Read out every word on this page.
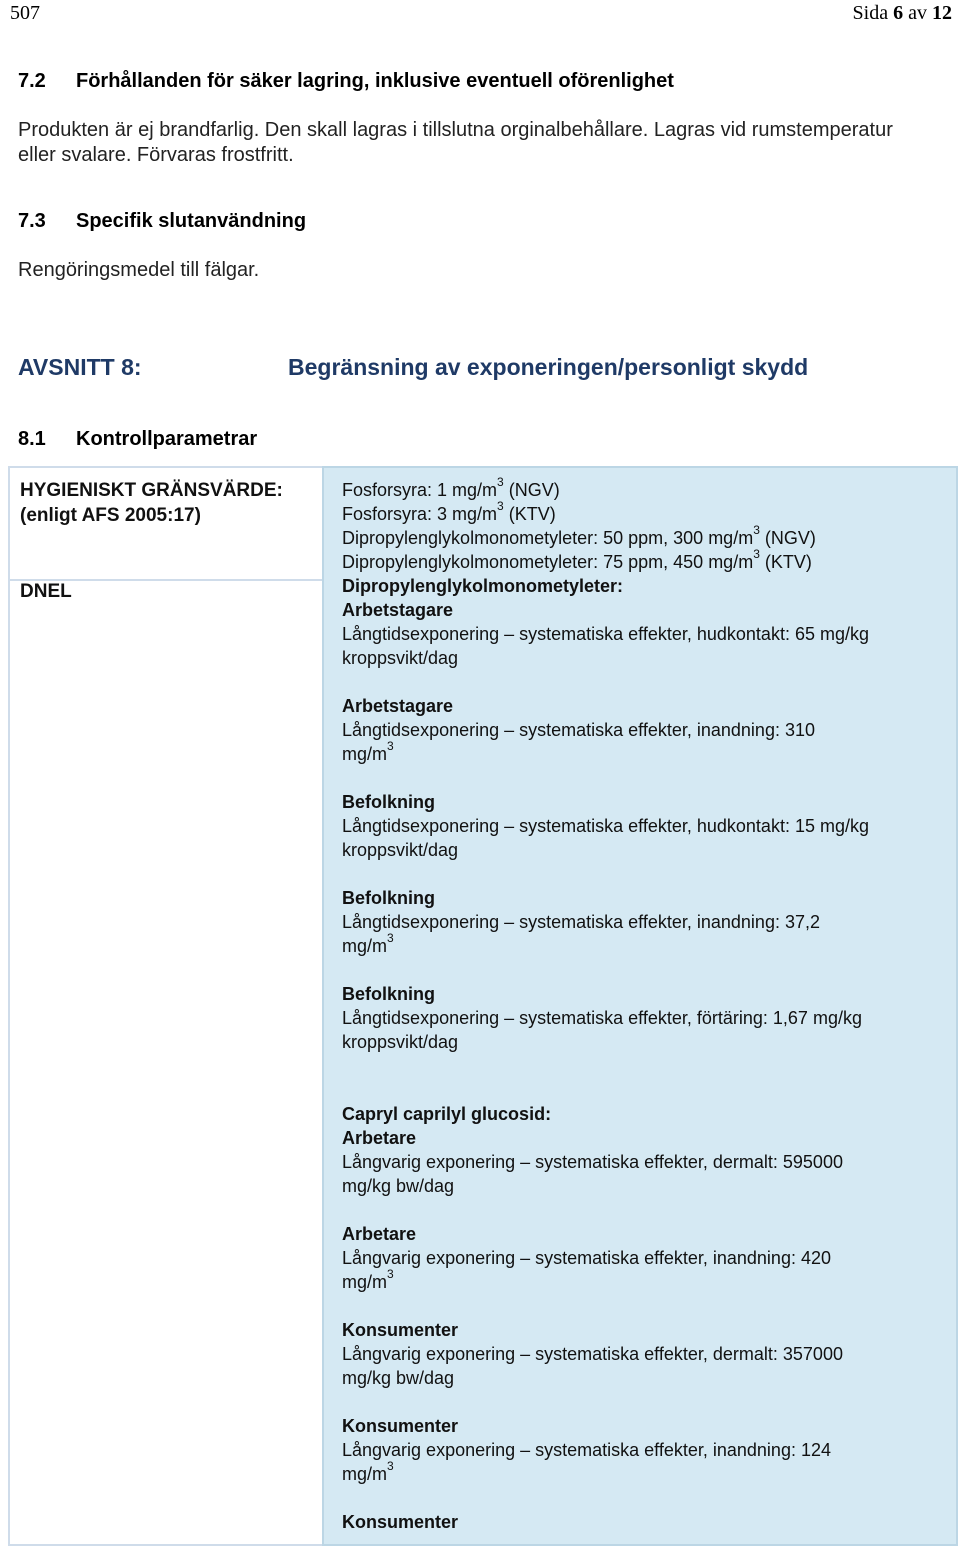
507	Sida 6 av 12
7.2 Förhållanden för säker lagring, inklusive eventuell oförenlighet

Produkten är ej brandfarlig. Den skall lagras i tillslutna orginalbehållare. Lagras vid rumstemperatur

eller svalare. Förvaras frostfritt.

7.3 Specifik slutanvändning

Rengöringsmedel till fälgar.

AVSNITT 8:	Begränsning av exponeringen/personligt skydd
8.1 Kontrollparametrar
HYGIENISKT GRÄNSVÄRDE:
(enligt AFS 2005:17)
DNEL
Fosforsyra: 1 $mg/m^3$ (NGV)
Fosforsyra: 3 $mg/m^3$ (KTV)
Dipropylenglykolmonometyleter: 50 ppm, 300 $mg/m^3$ (NGV)
Dipropylenglykolmonometyleter: 75 ppm, 450 $mg/m^3$ (KTV)
Dipropylenglykolmonometyleter:
Arbetstagare
Långtidsexponering – systematiska effekter, hudkontakt: 65 mg/kg
kroppsvikt/dag
Arbetstagare
Långtidsexponering – systematiska effekter, inandning: 310
$mg/m^3$
Befolkning
Långtidsexponering – systematiska effekter, hudkontakt: 15 mg/kg
kroppsvikt/dag
Befolkning
Långtidsexponering – systematiska effekter, inandning: 37,2
$mg/m^3$
Befolkning
Långtidsexponering – systematiska effekter, förtäring: 1,67 mg/kg
kroppsvikt/dag
Capryl caprilyl glucosid:
Arbetare
Långvarig exponering – systematiska effekter, dermalt: 595000
mg/kg bw/dag
Arbetare
Långvarig exponering – systematiska effekter, inandning: 420
$mg/m^3$
Konsumenter
Långvarig exponering – systematiska effekter, dermalt: 357000
mg/kg bw/dag
Konsumenter
Långvarig exponering – systematiska effekter, inandning: 124
$mg/m^3$
Konsumenter
